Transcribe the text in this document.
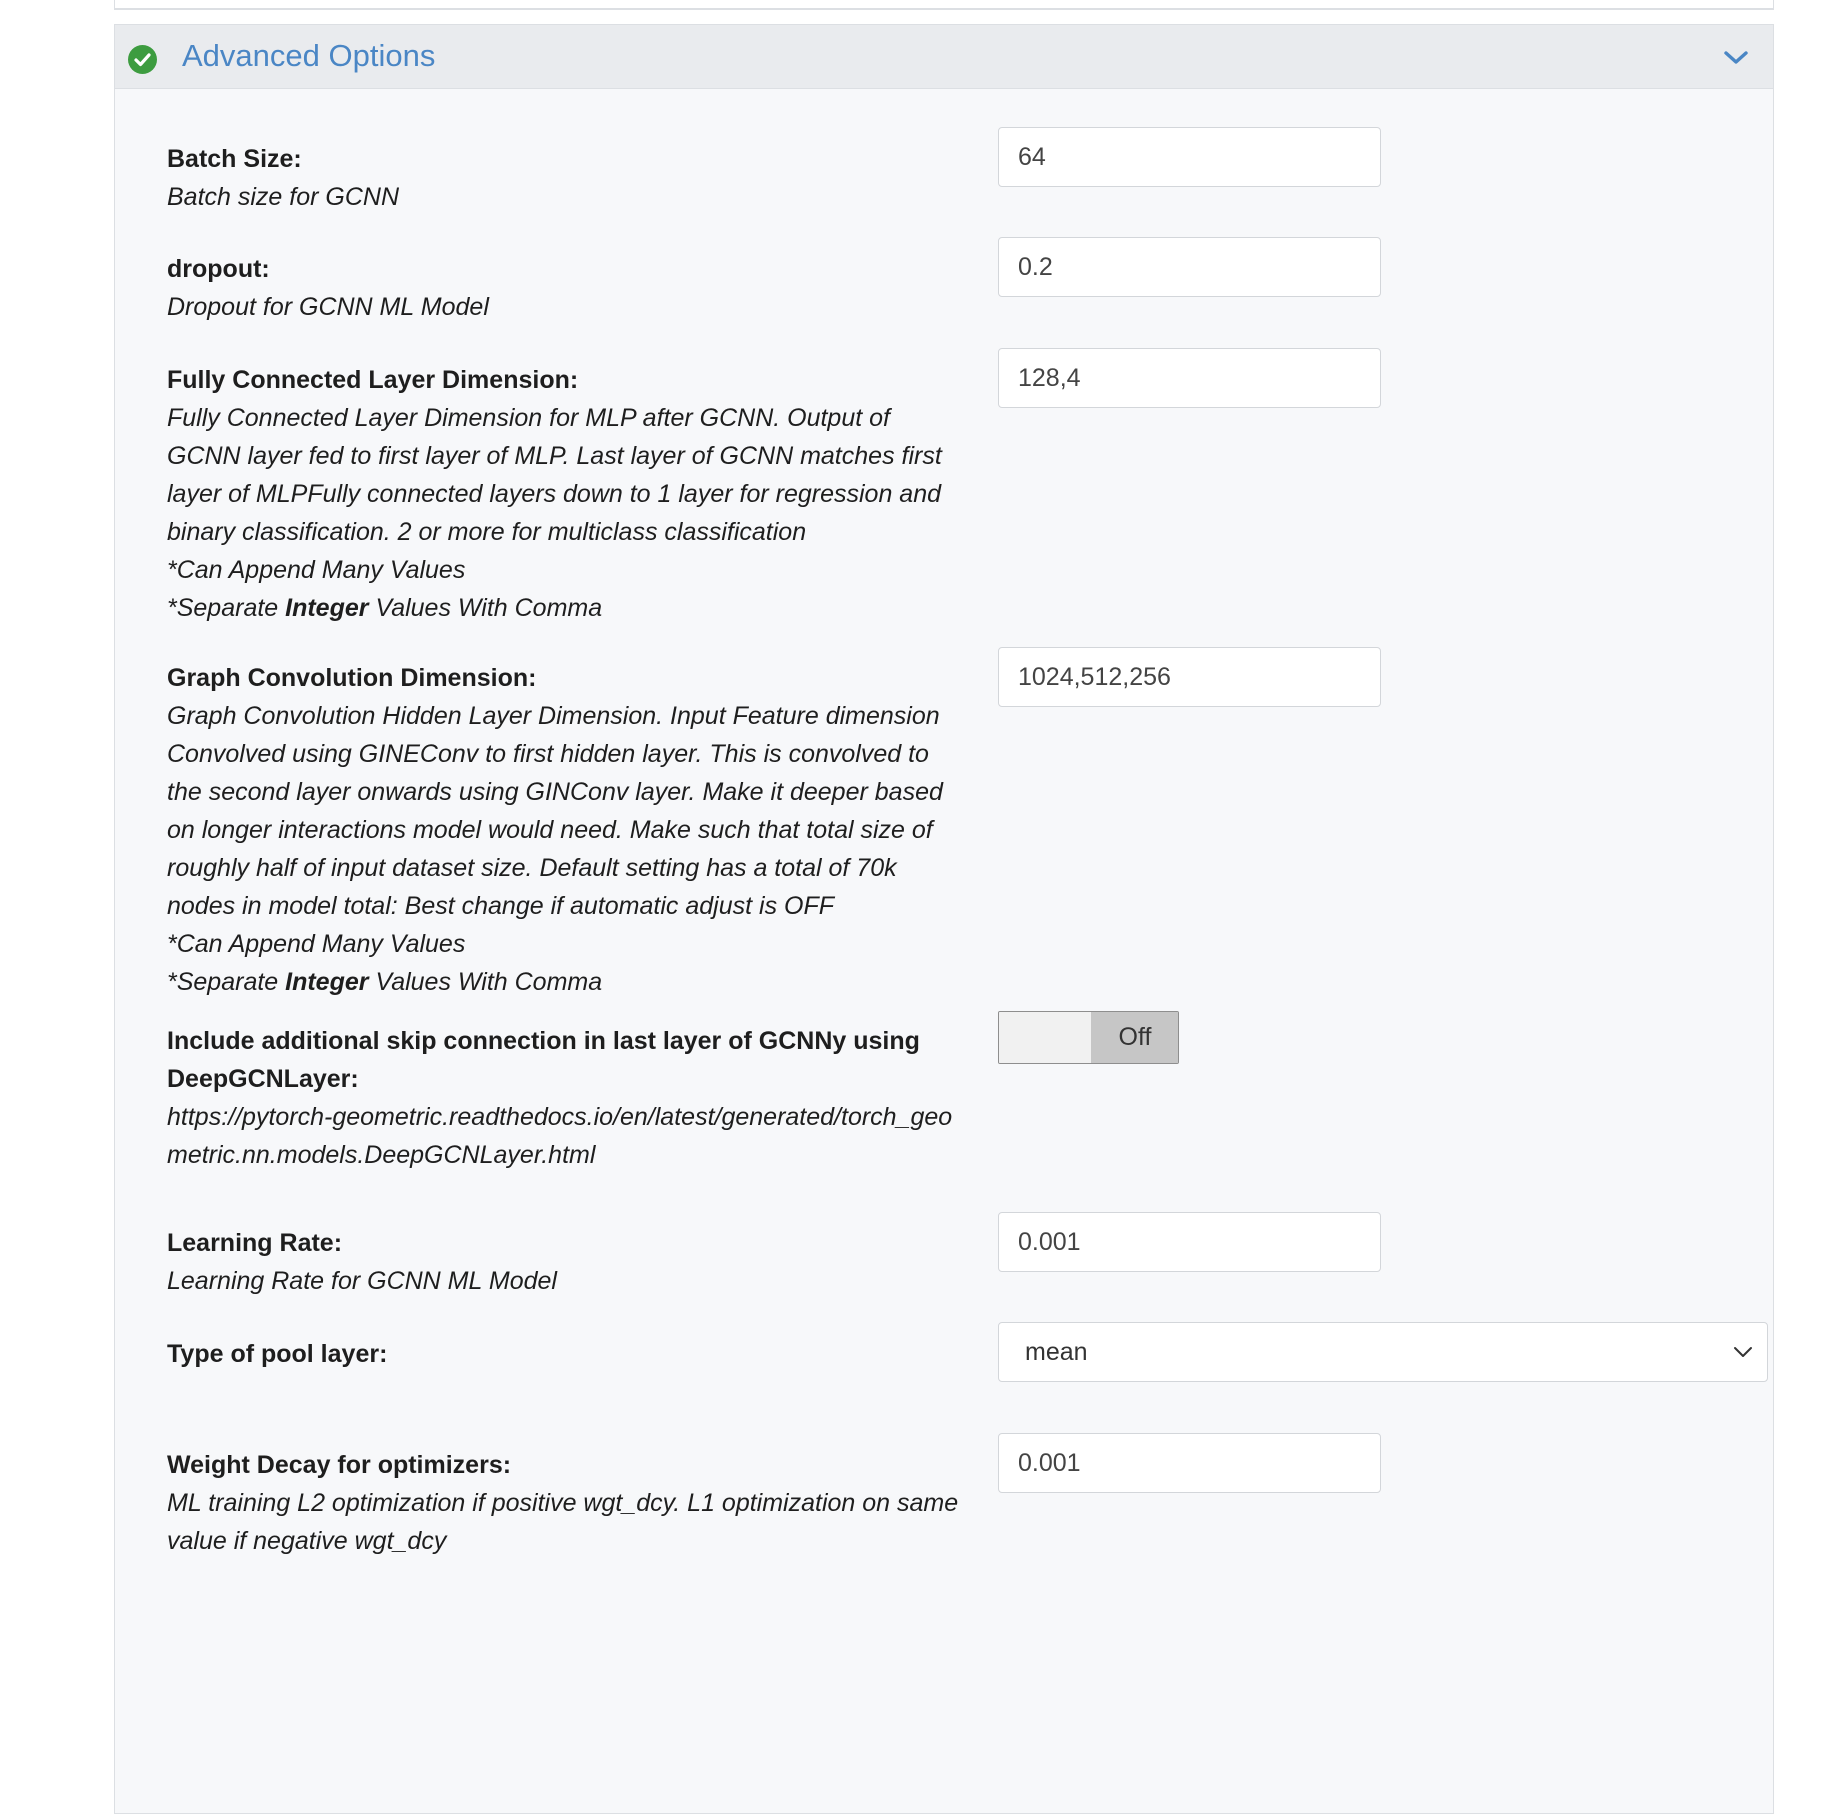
Advanced Options
Batch Size:
Batch size for GCNN
64
dropout:
Dropout for GCNN ML Model
0.2
Fully Connected Layer Dimension:
Fully Connected Layer Dimension for MLP after GCNN. Output of GCNN layer fed to first layer of MLP. Last layer of GCNN matches first layer of MLPFully connected layers down to 1 layer for regression and binary classification. 2 or more for multiclass classification
*Can Append Many Values
*Separate Integer Values With Comma
128,4
Graph Convolution Dimension:
Graph Convolution Hidden Layer Dimension. Input Feature dimension Convolved using GINEConv to first hidden layer. This is convolved to the second layer onwards using GINConv layer. Make it deeper based on longer interactions model would need. Make such that total size of roughly half of input dataset size. Default setting has a total of 70k nodes in model total: Best change if automatic adjust is OFF
*Can Append Many Values
*Separate Integer Values With Comma
1024,512,256
Include additional skip connection in last layer of GCNNy using DeepGCNLayer:
https://pytorch-geometric.readthedocs.io/en/latest/generated/torch_geometric.nn.models.DeepGCNLayer.html
Off
Learning Rate:
Learning Rate for GCNN ML Model
0.001
Type of pool layer:	mean
Weight Decay for optimizers:
ML training L2 optimization if positive wgt_dcy. L1 optimization on same value if negative wgt_dcy
0.001
